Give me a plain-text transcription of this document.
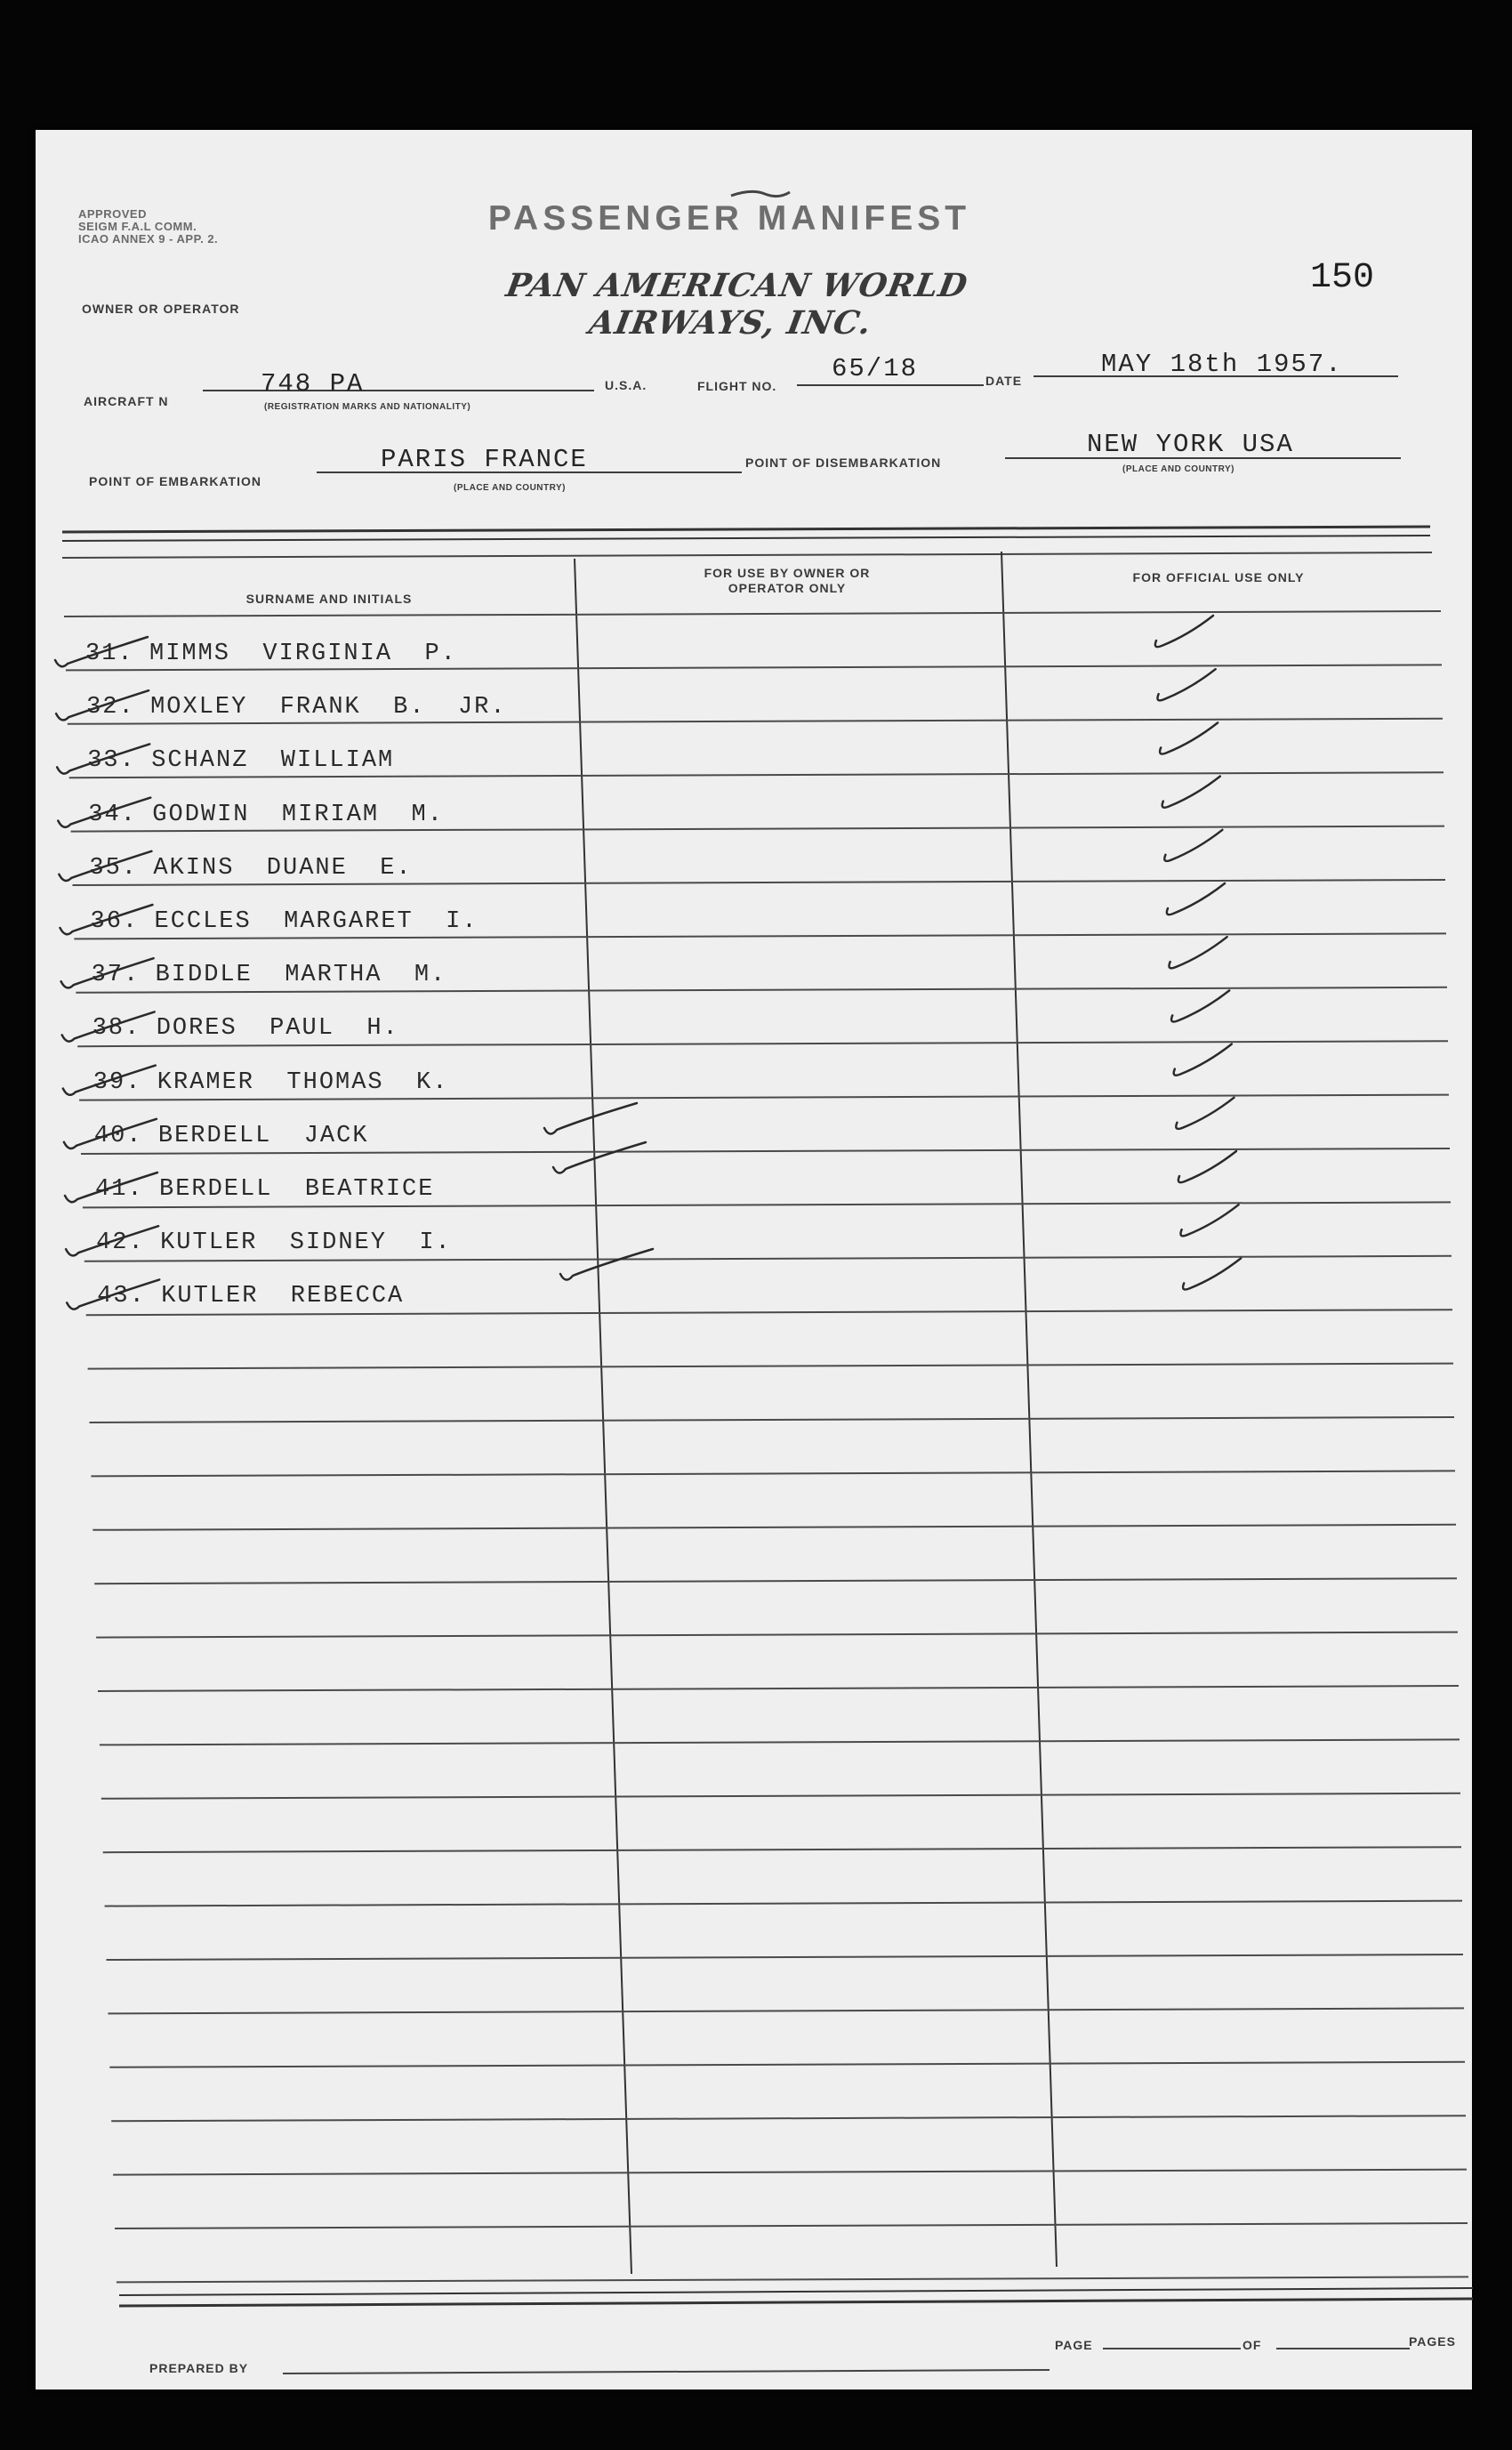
APPROVED
SEIGM F.A.L COMM.
ICAO ANNEX 9 - APP. 2.
PASSENGER MANIFEST
PAN AMERICAN WORLD AIRWAYS, INC.
150
OWNER OR OPERATOR
AIRCRAFT N
748 PA
(REGISTRATION MARKS AND NATIONALITY)
U.S.A.	FLIGHT NO.
65/18	DATE
MAY 18th 1957.
POINT OF EMBARKATION
PARIS FRANCE
(PLACE AND COUNTRY)
POINT OF DISEMBARKATION
NEW YORK USA
(PLACE AND COUNTRY)
SURNAME AND INITIALS
FOR USE BY OWNER OR OPERATOR ONLY
FOR OFFICIAL USE ONLY
31. MIMMS  VIRGINIA  P.
32. MOXLEY  FRANK  B.  JR.
33. SCHANZ  WILLIAM
34. GODWIN  MIRIAM  M.
35. AKINS  DUANE  E.
36. ECCLES  MARGARET  I.
37. BIDDLE  MARTHA  M.
38. DORES  PAUL  H.
39. KRAMER  THOMAS  K.
40. BERDELL  JACK
41. BERDELL  BEATRICE
42. KUTLER  SIDNEY  I.
43. KUTLER  REBECCA
PREPARED BY
PAGE	OF	PAGES
